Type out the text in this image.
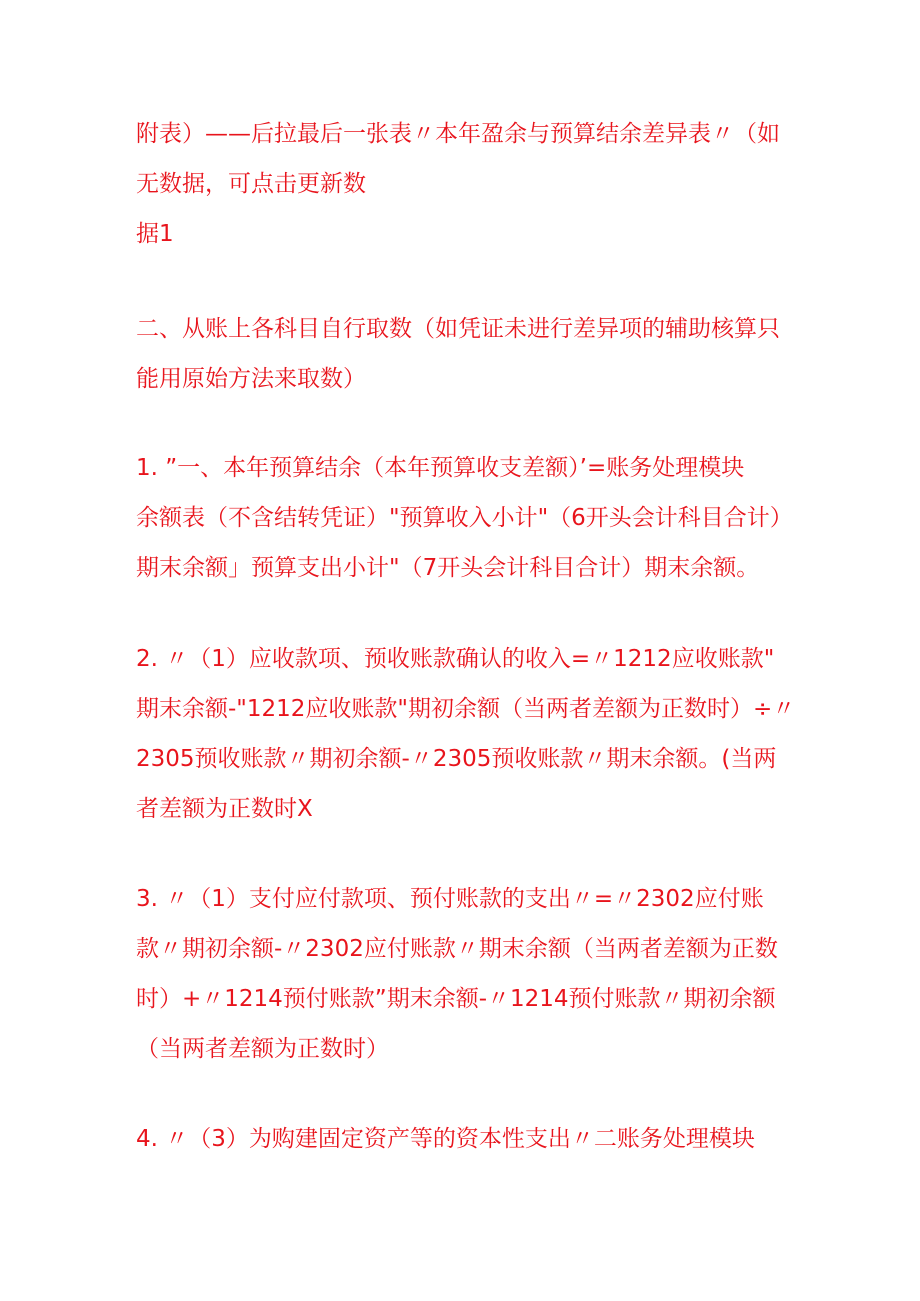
附表）——后拉最后一张表〃本年盈余与预算结余差异表〃（如
无数据，可点击更新数
据1

二、从账上各科目自行取数（如凭证未进行差异项的辅助核算只
能用原始方法来取数）

1. ”一、本年预算结余（本年预算收支差额）’=账务处理模块
余额表（不含结转凭证）"预算收入小计"（6开头会计科目合计）
期末余额」预算支出小计"（7开头会计科目合计）期末余额。

2. 〃（1）应收款项、预收账款确认的收入=〃1212应收账款"
期末余额-"1212应收账款"期初余额（当两者差额为正数时）÷〃
2305预收账款〃期初余额-〃2305预收账款〃期末余额。(当两
者差额为正数时X

3. 〃（1）支付应付款项、预付账款的支出〃=〃2302应付账
款〃期初余额-〃2302应付账款〃期末余额（当两者差额为正数
时）+〃1214预付账款”期末余额-〃1214预付账款〃期初余额
（当两者差额为正数时）

4. 〃（3）为购建固定资产等的资本性支出〃二账务处理模块
